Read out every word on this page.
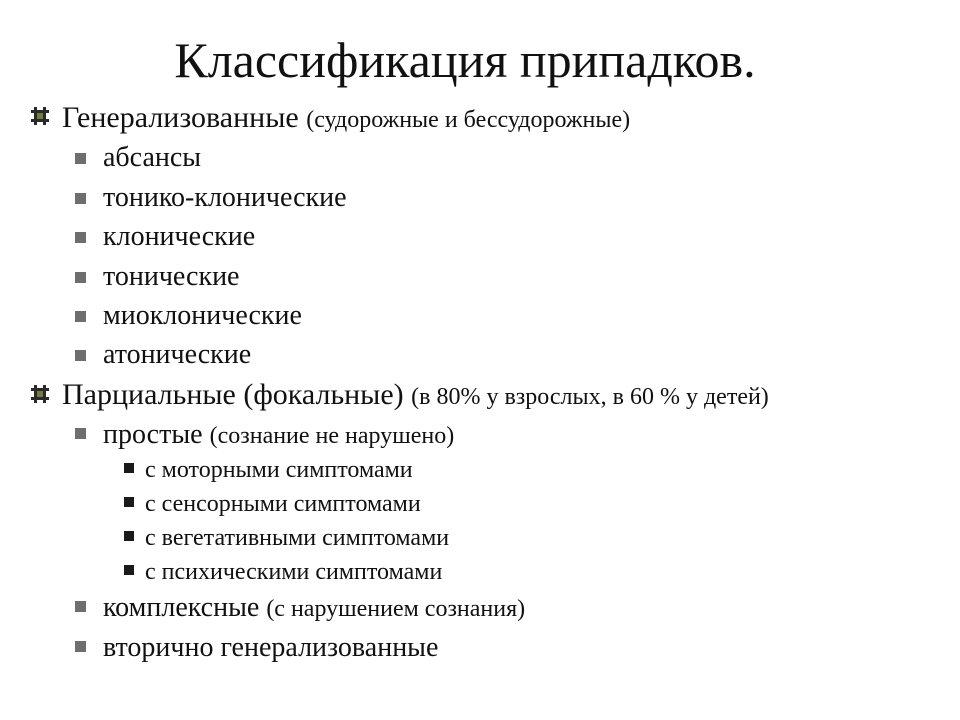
Классификация припадков.
Генерализованные (судорожные и бессудорожные)
абсансы
тонико-клонические
клонические
тонические
миоклонические
атонические
Парциальные (фокальные) (в 80% у взрослых, в 60 % у детей)
простые (сознание не нарушено)
с моторными симптомами
с сенсорными симптомами
с вегетативными симптомами
с психическими симптомами
комплексные (с нарушением сознания)
вторично генерализованные
